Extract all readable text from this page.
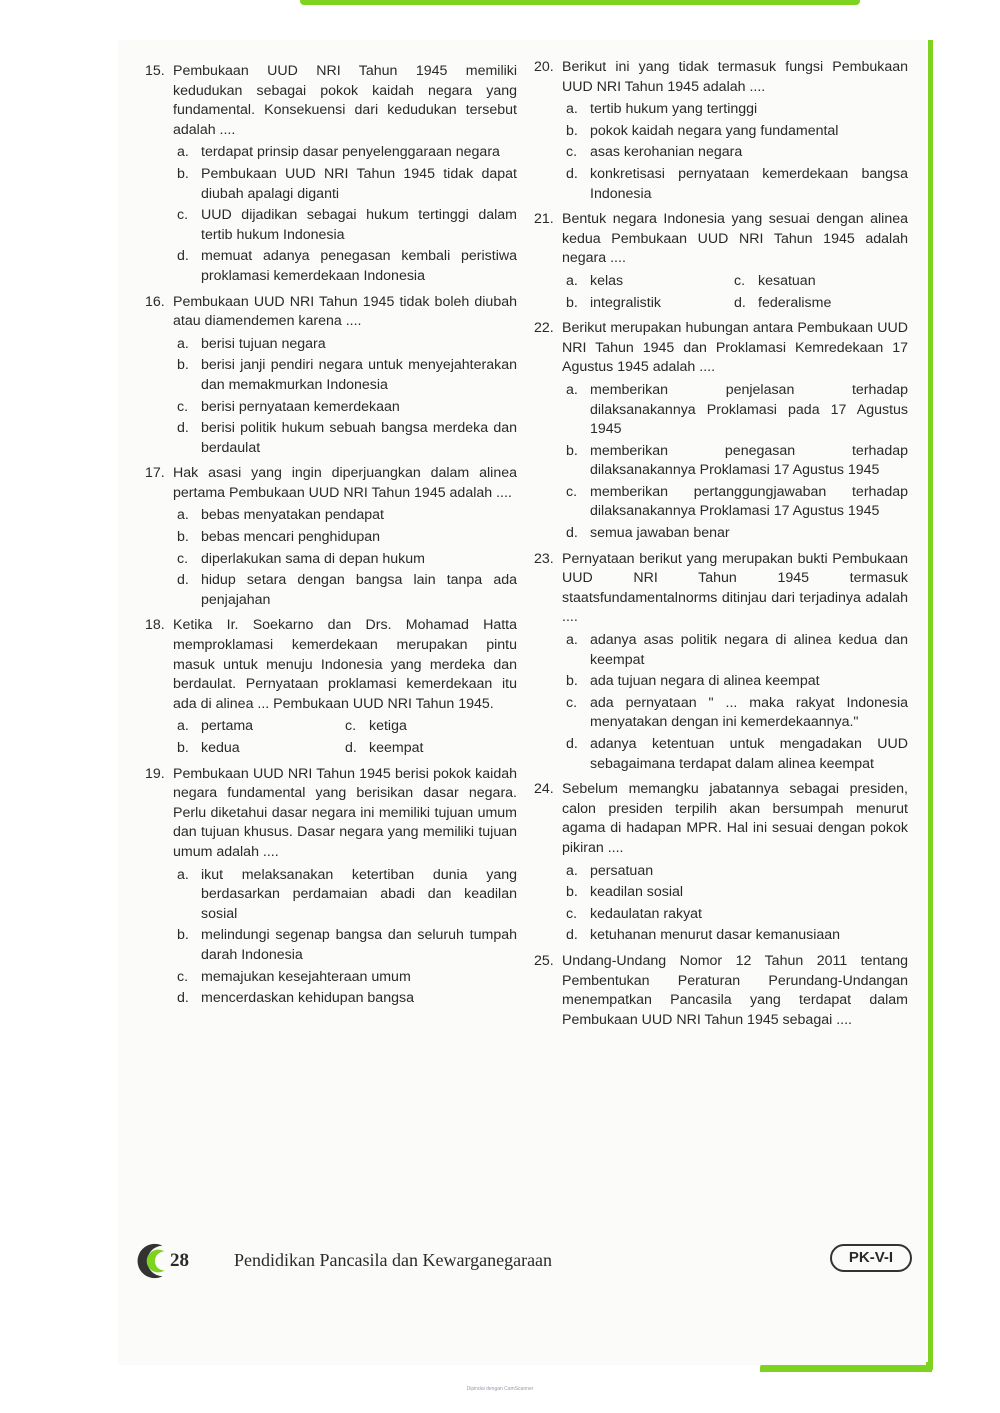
15. Pembukaan UUD NRI Tahun 1945 memiliki kedudukan sebagai pokok kaidah negara yang fundamental. Konsekuensi dari kedudukan tersebut adalah ....
a. terdapat prinsip dasar penyelenggaraan negara
b. Pembukaan UUD NRI Tahun 1945 tidak dapat diubah apalagi diganti
c. UUD dijadikan sebagai hukum tertinggi dalam tertib hukum Indonesia
d. memuat adanya penegasan kembali peristiwa proklamasi kemerdekaan Indonesia
16. Pembukaan UUD NRI Tahun 1945 tidak boleh diubah atau diamendemen karena ....
a. berisi tujuan negara
b. berisi janji pendiri negara untuk menyejahterakan dan memakmurkan Indonesia
c. berisi pernyataan kemerdekaan
d. berisi politik hukum sebuah bangsa merdeka dan berdaulat
17. Hak asasi yang ingin diperjuangkan dalam alinea pertama Pembukaan UUD NRI Tahun 1945 adalah ....
a. bebas menyatakan pendapat
b. bebas mencari penghidupan
c. diperlakukan sama di depan hukum
d. hidup setara dengan bangsa lain tanpa ada penjajahan
18. Ketika Ir. Soekarno dan Drs. Mohamad Hatta memproklamasi kemerdekaan merupakan pintu masuk untuk menuju Indonesia yang merdeka dan berdaulat. Pernyataan proklamasi kemerdekaan itu ada di alinea ... Pembukaan UUD NRI Tahun 1945.
a. pertama	c. ketiga
b. kedua	d. keempat
19. Pembukaan UUD NRI Tahun 1945 berisi pokok kaidah negara fundamental yang berisikan dasar negara. Perlu diketahui dasar negara ini memiliki tujuan umum dan tujuan khusus. Dasar negara yang memiliki tujuan umum adalah ....
a. ikut melaksanakan ketertiban dunia yang berdasarkan perdamaian abadi dan keadilan sosial
b. melindungi segenap bangsa dan seluruh tumpah darah Indonesia
c. memajukan kesejahteraan umum
d. mencerdaskan kehidupan bangsa
20. Berikut ini yang tidak termasuk fungsi Pembukaan UUD NRI Tahun 1945 adalah ....
a. tertib hukum yang tertinggi
b. pokok kaidah negara yang fundamental
c. asas kerohanian negara
d. konkretisasi pernyataan kemerdekaan bangsa Indonesia
21. Bentuk negara Indonesia yang sesuai dengan alinea kedua Pembukaan UUD NRI Tahun 1945 adalah negara ....
a. kelas	c. kesatuan
b. integralistik	d. federalisme
22. Berikut merupakan hubungan antara Pembukaan UUD NRI Tahun 1945 dan Proklamasi Kemredekaan 17 Agustus 1945 adalah ....
a. memberikan penjelasan terhadap dilaksanakannya Proklamasi pada 17 Agustus 1945
b. memberikan penegasan terhadap dilaksanakannya Proklamasi 17 Agustus 1945
c. memberikan pertanggungjawaban terhadap dilaksanakannya Proklamasi 17 Agustus 1945
d. semua jawaban benar
23. Pernyataan berikut yang merupakan bukti Pembukaan UUD NRI Tahun 1945 termasuk staatsfundamentalnorms ditinjau dari terjadinya adalah ....
a. adanya asas politik negara di alinea kedua dan keempat
b. ada tujuan negara di alinea keempat
c. ada pernyataan " ... maka rakyat Indonesia menyatakan dengan ini kemerdekaannya."
d. adanya ketentuan untuk mengadakan UUD sebagaimana terdapat dalam alinea keempat
24. Sebelum memangku jabatannya sebagai presiden, calon presiden terpilih akan bersumpah menurut agama di hadapan MPR. Hal ini sesuai dengan pokok pikiran ....
a. persatuan
b. keadilan sosial
c. kedaulatan rakyat
d. ketuhanan menurut dasar kemanusiaan
25. Undang-Undang Nomor 12 Tahun 2011 tentang Pembentukan Peraturan Perundang-Undangan menempatkan Pancasila yang terdapat dalam Pembukaan UUD NRI Tahun 1945 sebagai ....
28	Pendidikan Pancasila dan Kewarganegaraan	PK-V-I
Dipindai dengan CamScanner
